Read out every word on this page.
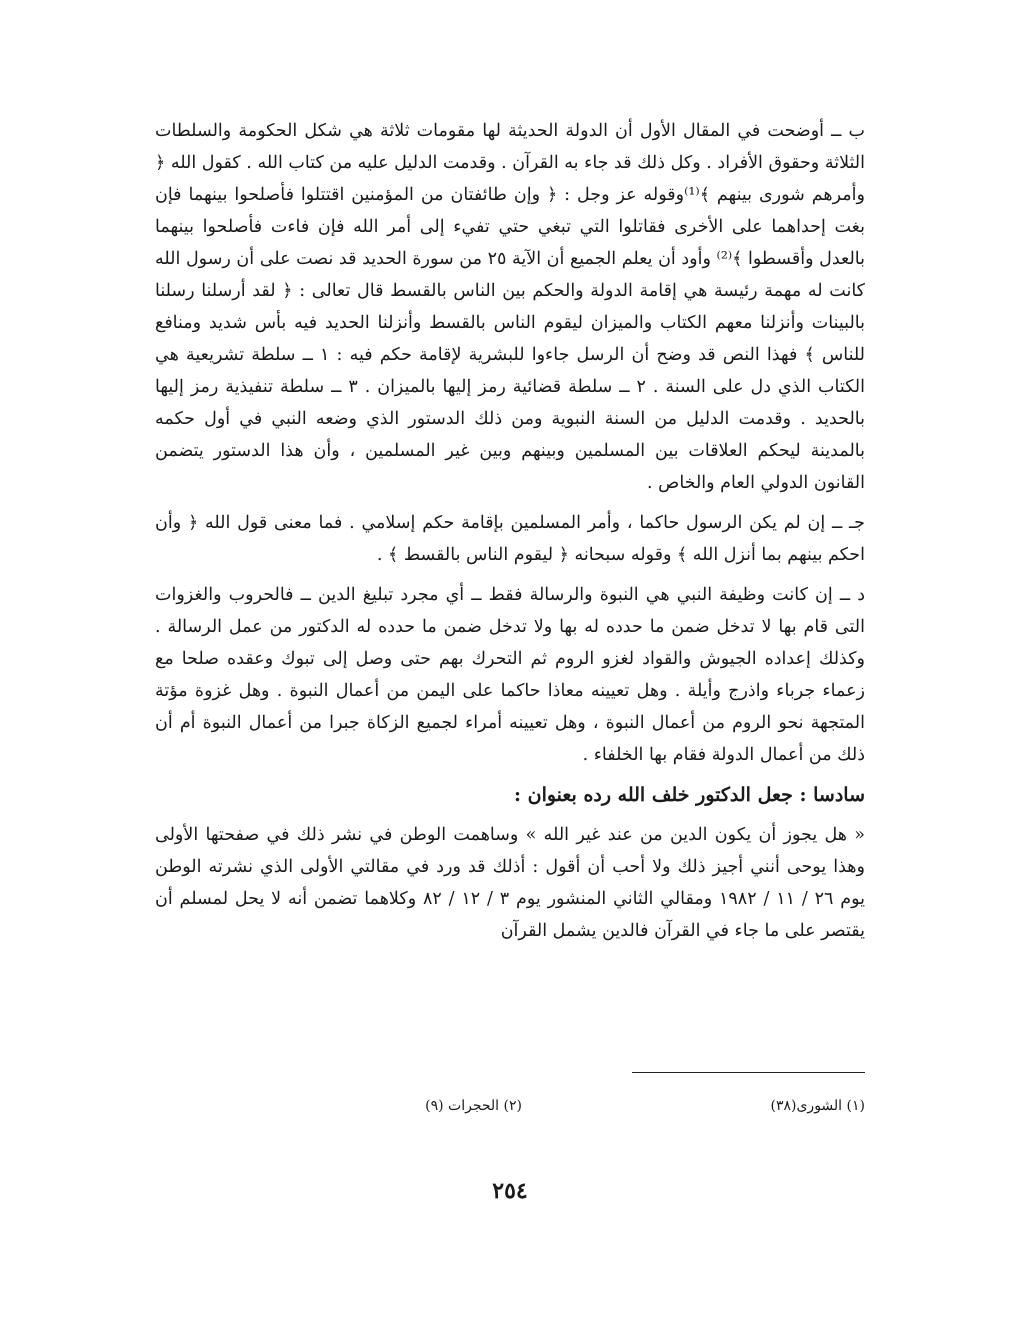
ب ــ أوضحت في المقال الأول أن الدولة الحديثة لها مقومات ثلاثة هي شكل الحكومة والسلطات الثلاثة وحقوق الأفراد . وكل ذلك قد جاء به القرآن . وقدمت الدليل عليه من كتاب الله . كقول الله ﴿ وأمرهم شورى بينهم ﴾⁽¹⁾وقوله عز وجل : ﴿ وإن طائفتان من المؤمنين اقتتلوا فأصلحوا بينهما فإن بغت إحداهما على الأخرى فقاتلوا التي تبغي حتي تفيء إلى أمر الله فإن فاءت فأصلحوا بينهما بالعدل وأقسطوا ﴾⁽²⁾ وأود أن يعلم الجميع أن الآية ٢٥ من سورة الحديد قد نصت على أن رسول الله كانت له مهمة رئيسة هي إقامة الدولة والحكم بين الناس بالقسط قال تعالى : ﴿ لقد أرسلنا رسلنا بالبينات وأنزلنا معهم الكتاب والميزان ليقوم الناس بالقسط وأنزلنا الحديد فيه بأس شديد ومنافع للناس ﴾ فهذا النص قد وضح أن الرسل جاءوا للبشرية لإقامة حكم فيه : ١ ــ سلطة تشريعية هي الكتاب الذي دل على السنة . ٢ ــ سلطة قضائية رمز إليها بالميزان . ٣ ــ سلطة تنفيذية رمز إليها بالحديد . وقدمت الدليل من السنة النبوية ومن ذلك الدستور الذي وضعه النبي في أول حكمه بالمدينة ليحكم العلاقات بين المسلمين وبينهم وبين غير المسلمين ، وأن هذا الدستور يتضمن القانون الدولي العام والخاص .

جـ ــ إن لم يكن الرسول حاكما ، وأمر المسلمين بإقامة حكم إسلامي . فما معنى قول الله ﴿ وأن احكم بينهم بما أنزل الله ﴾ وقوله سبحانه ﴿ ليقوم الناس بالقسط ﴾ .

د ــ إن كانت وظيفة النبي هي النبوة والرسالة فقط ــ أي مجرد تبليغ الدين ــ فالحروب والغزوات التى قام بها لا تدخل ضمن ما حدده له بها ولا تدخل ضمن ما حدده له الدكتور من عمل الرسالة . وكذلك إعداده الجيوش والقواد لغزو الروم ثم التحرك بهم حتى وصل إلى تبوك وعقده صلحا مع زعماء جرباء واذرج وأيلة . وهل تعيينه معاذا حاكما على اليمن من أعمال النبوة . وهل غزوة مؤتة المتجهة نحو الروم من أعمال النبوة ، وهل تعيينه أمراء لجميع الزكاة جبرا من أعمال النبوة أم أن ذلك من أعمال الدولة فقام بها الخلفاء .

سادسا : جعل الدكتور خلف الله رده بعنوان :

« هل يجوز أن يكون الدين من عند غير الله » وساهمت الوطن في نشر ذلك في صفحتها الأولى وهذا يوحى أنني أجيز ذلك ولا أحب أن أقول : أذلك قد ورد في مقالتي الأولى الذي نشرته الوطن يوم ٢٦ / ١١ / ١٩٨٢ ومقالي الثاني المنشور يوم ٣ / ١٢ / ٨٢ وكلاهما تضمن أنه لا يحل لمسلم أن يقتصر على ما جاء في القرآن فالدين يشمل القرآن

(١) الشورى(٣٨)
(٢) الحجرات (٩)
٢٥٤
